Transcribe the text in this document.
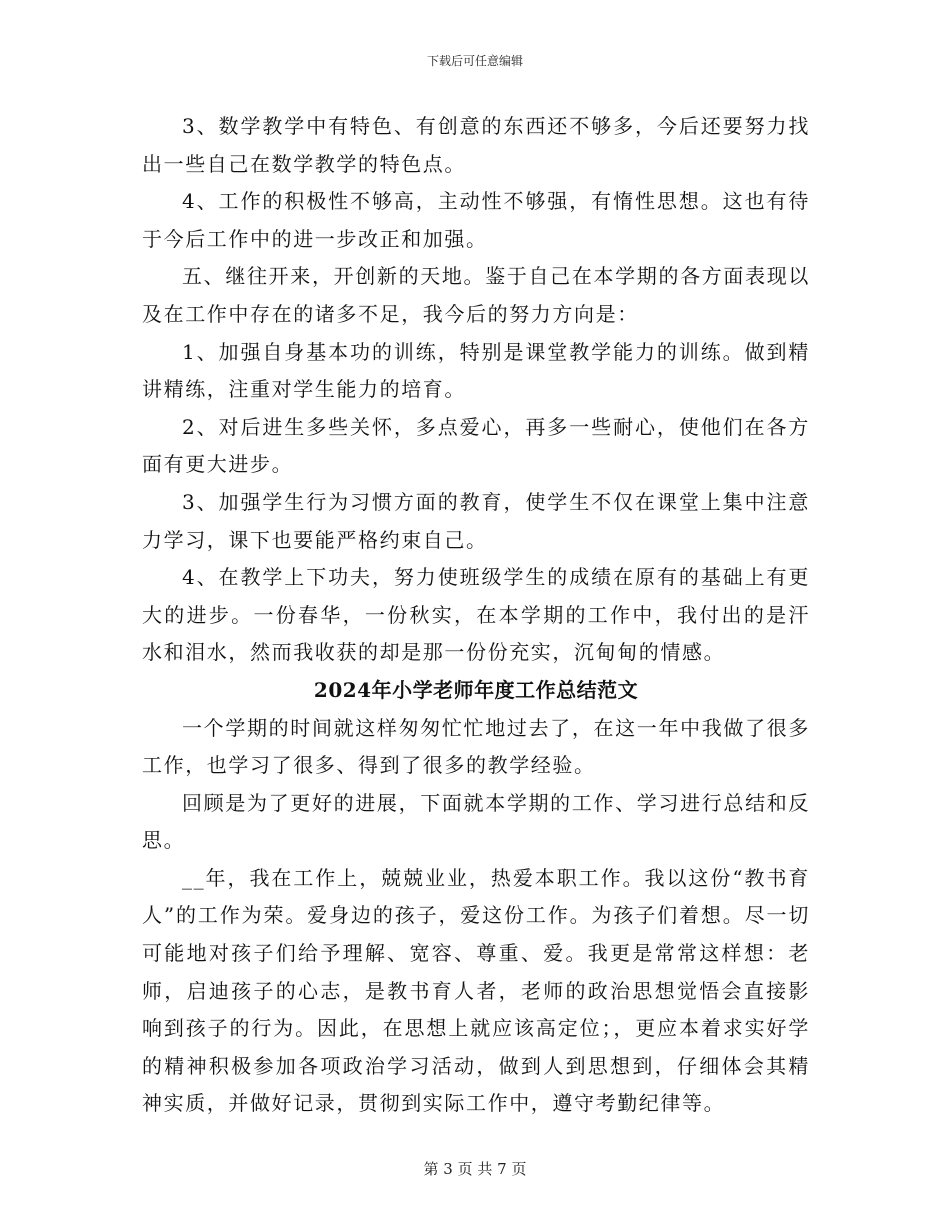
下载后可任意编辑

3、数学教学中有特色、有创意的东西还不够多，今后还要努力找出一些自己在数学教学的特色点。

4、工作的积极性不够高，主动性不够强，有惰性思想。这也有待于今后工作中的进一步改正和加强。

五、继往开来，开创新的天地。鉴于自己在本学期的各方面表现以及在工作中存在的诸多不足，我今后的努力方向是：

1、加强自身基本功的训练，特别是课堂教学能力的训练。做到精讲精练，注重对学生能力的培育。

2、对后进生多些关怀，多点爱心，再多一些耐心，使他们在各方面有更大进步。

3、加强学生行为习惯方面的教育，使学生不仅在课堂上集中注意力学习，课下也要能严格约束自己。

4、在教学上下功夫，努力使班级学生的成绩在原有的基础上有更大的进步。一份春华，一份秋实，在本学期的工作中，我付出的是汗水和泪水，然而我收获的却是那一份份充实，沉甸甸的情感。

2024年小学老师年度工作总结范文

一个学期的时间就这样匆匆忙忙地过去了，在这一年中我做了很多工作，也学习了很多、得到了很多的教学经验。

回顾是为了更好的进展，下面就本学期的工作、学习进行总结和反思。

__年，我在工作上，兢兢业业，热爱本职工作。我以这份“教书育人”的工作为荣。爱身边的孩子，爱这份工作。为孩子们着想。尽一切可能地对孩子们给予理解、宽容、尊重、爱。我更是常常这样想：老师，启迪孩子的心志，是教书育人者，老师的政治思想觉悟会直接影响到孩子的行为。因此，在思想上就应该高定位；，更应本着求实好学的精神积极参加各项政治学习活动，做到人到思想到，仔细体会其精神实质，并做好记录，贯彻到实际工作中，遵守考勤纪律等。

第 3 页 共 7 页
